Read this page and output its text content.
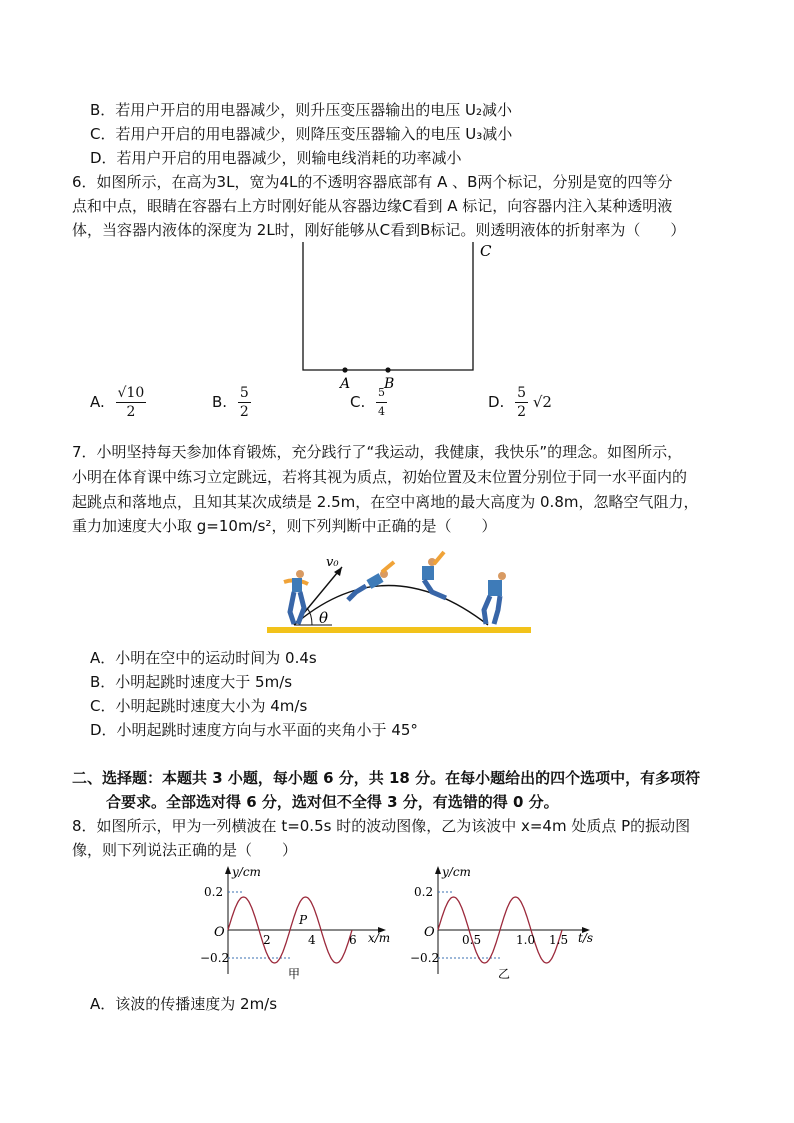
B．若用户开启的用电器减少，则升压变压器输出的电压 U₂减小
C．若用户开启的用电器减少，则降压变压器输入的电压 U₃减小
D．若用户开启的用电器减少，则输电线消耗的功率减小
6．如图所示，在高为3L，宽为4L的不透明容器底部有 A 、B两个标记，分别是宽的四等分
点和中点，眼睛在容器右上方时刚好能从容器边缘C看到 A 标记，向容器内注入某种透明液
体，当容器内液体的深度为 2L时，刚好能够从C看到B标记。则透明液体的折射率为（　　）
C
A B
A. $\frac{√10}{2}$	B. $\frac{5}{2}$	C. $\frac{5}{4}$	D. $\frac{5}{2} √2$
7．小明坚持每天参加体育锻炼，充分践行了“我运动，我健康，我快乐”的理念。如图所示，
小明在体育课中练习立定跳远，若将其视为质点，初始位置及末位置分别位于同一水平面内的
起跳点和落地点，且知其某次成绩是 2.5m，在空中离地的最大高度为 0.8m，忽略空气阻力，
重力加速度大小取 g=10m/s²，则下列判断中正确的是（　　）
v₀
θ
A．小明在空中的运动时间为 0.4s
B．小明起跳时速度大于 5m/s
C．小明起跳时速度大小为 4m/s
D．小明起跳时速度方向与水平面的夹角小于 45°
二、选择题：本题共 3 小题，每小题 6 分，共 18 分。在每小题给出的四个选项中，有多项符
合要求。全部选对得 6 分，选对但不全得 3 分，有选错的得 0 分。
8．如图所示，甲为一列横波在 t=0.5s 时的波动图像，乙为该波中 x=4m 处质点 P的振动图
像，则下列说法正确的是（　　）
y/cm
x/m
O
0.2
−0.2
2	4	6
P
甲
y/cm
t/s
O
0.2
−0.2
0.5	1.0 1.5
乙
A．该波的传播速度为 2m/s
